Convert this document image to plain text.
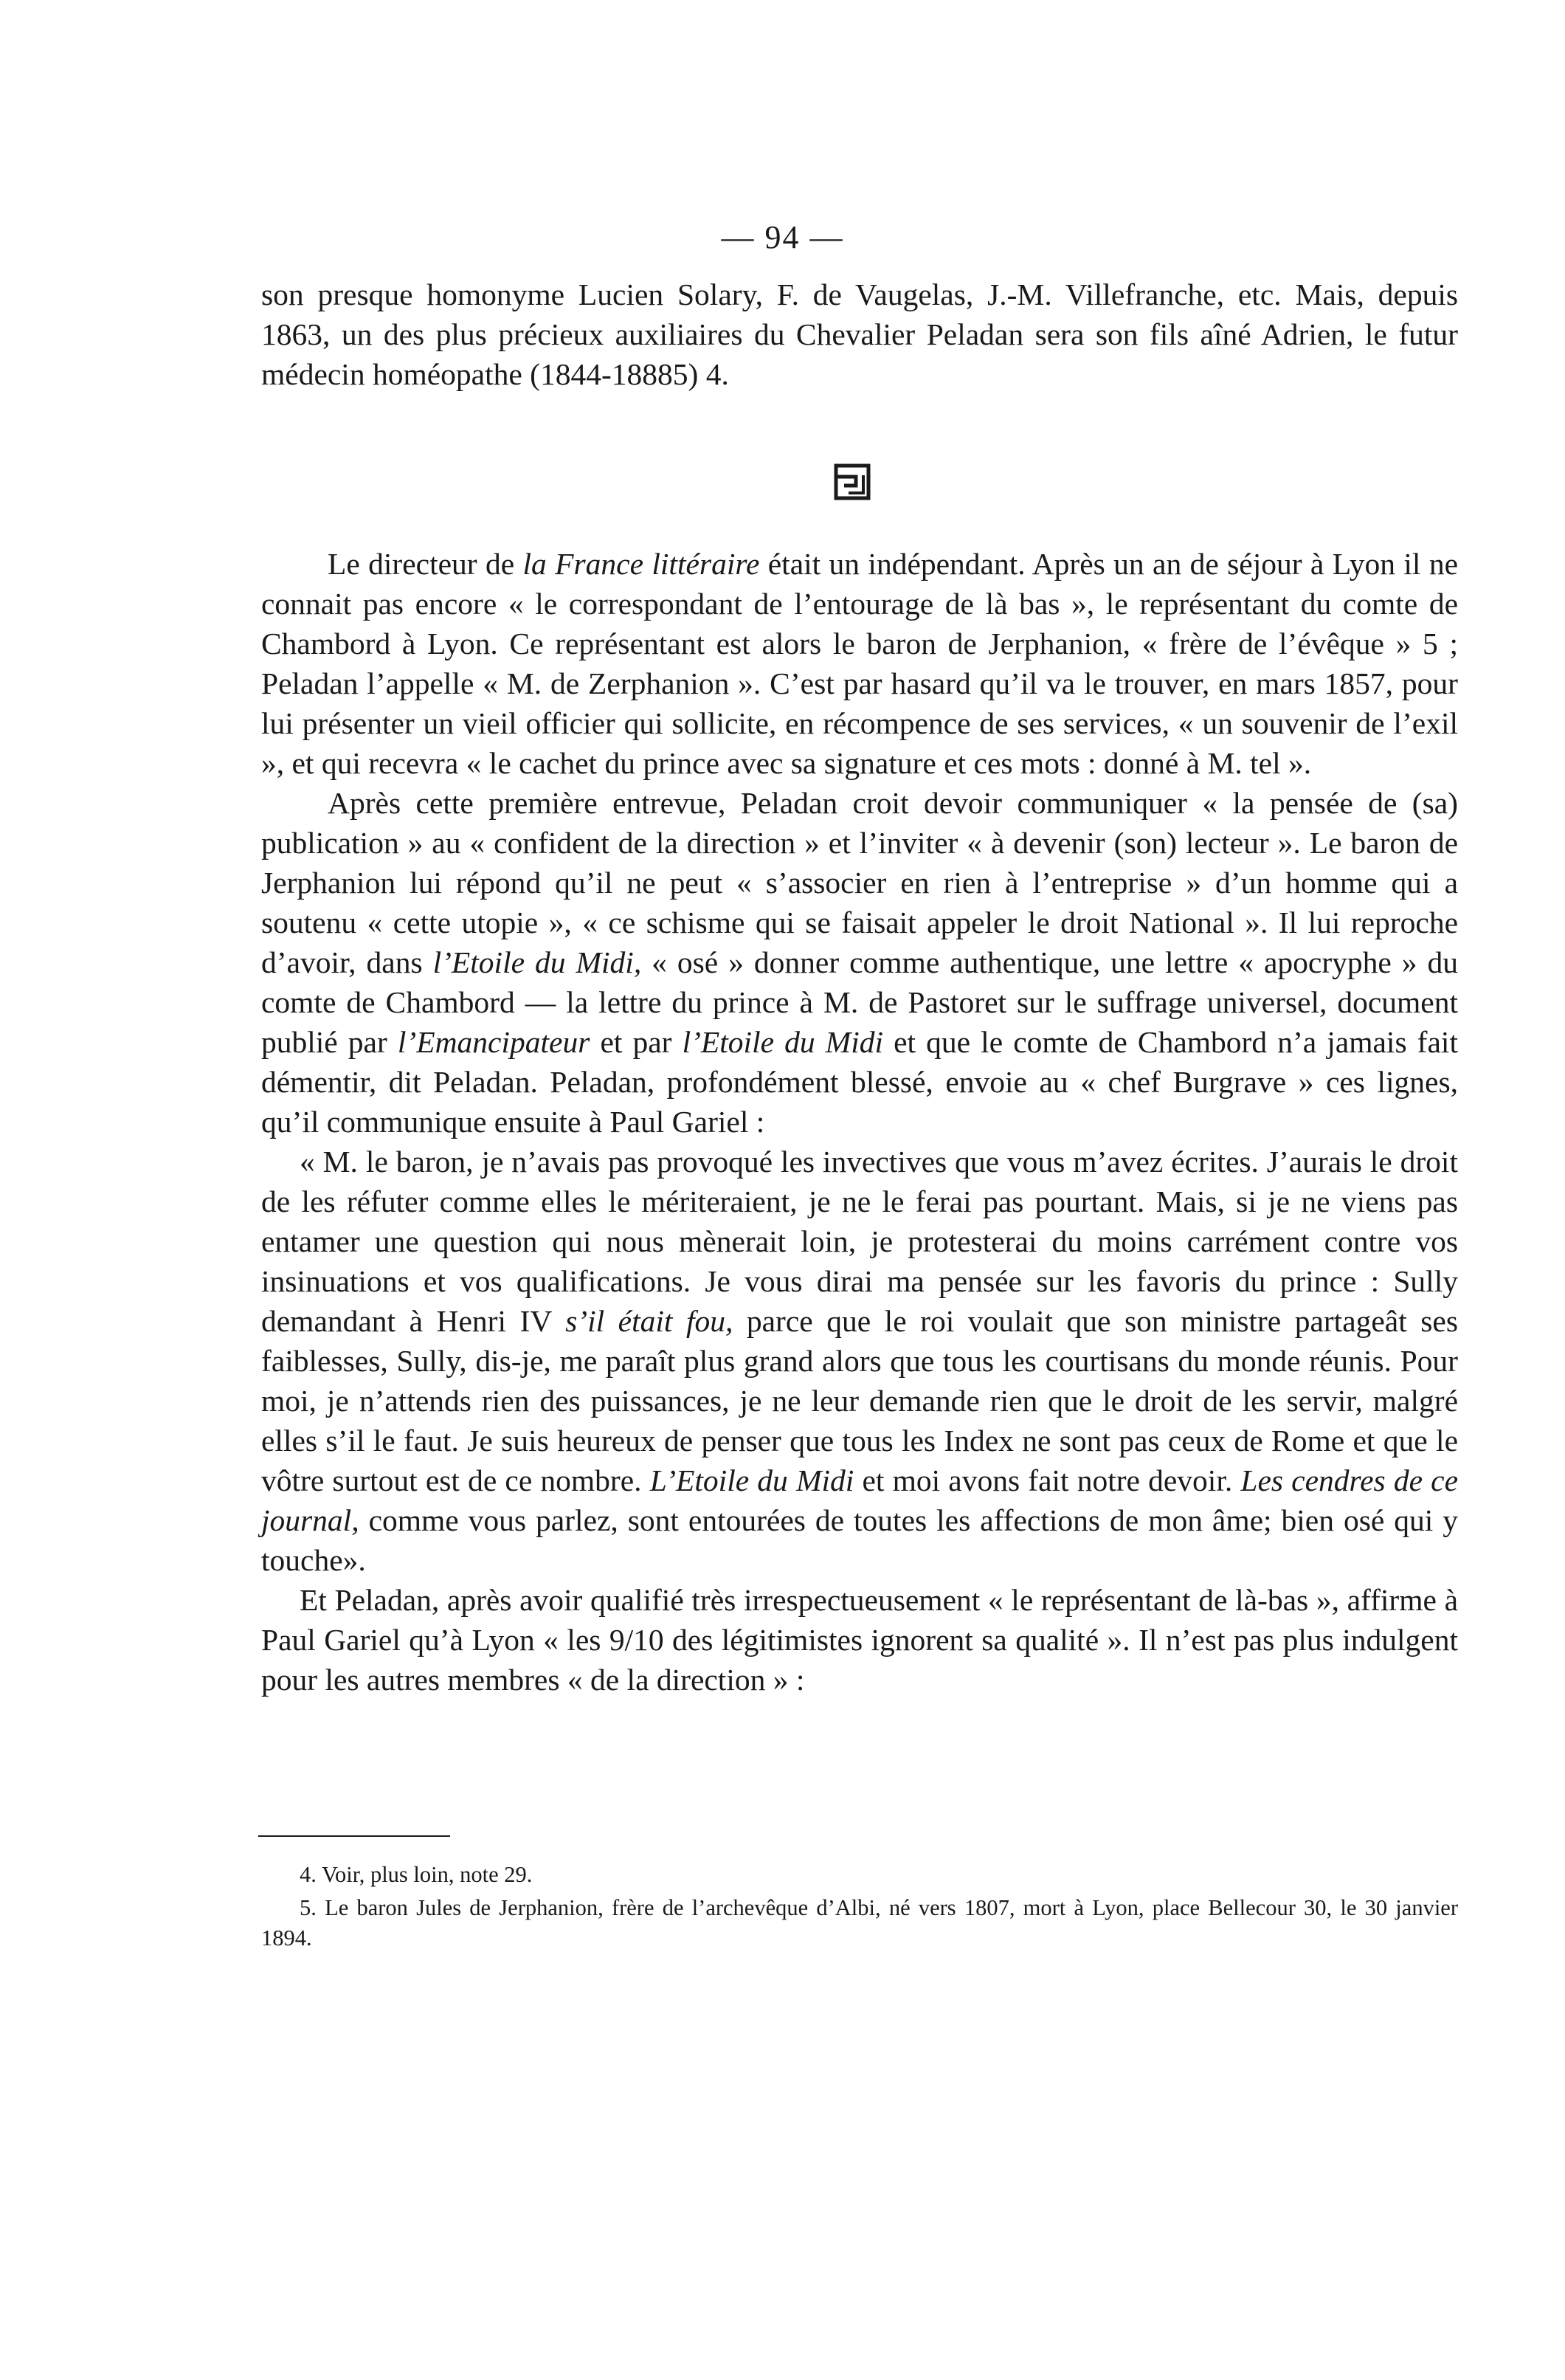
— 94 —

son presque homonyme Lucien Solary, F. de Vaugelas, J.-M. Villefranche, etc. Mais, depuis 1863, un des plus précieux auxiliaires du Chevalier Peladan sera son fils aîné Adrien, le futur médecin homéopathe (1844-18885) 4.

Le directeur de la France littéraire était un indépendant. Après un an de séjour à Lyon il ne connait pas encore « le correspondant de l’entourage de là bas », le représentant du comte de Chambord à Lyon. Ce représentant est alors le baron de Jerphanion, « frère de l’évêque » 5 ; Peladan l’appelle « M. de Zerphanion ». C’est par hasard qu’il va le trouver, en mars 1857, pour lui présenter un vieil officier qui sollicite, en récompence de ses services, « un souvenir de l’exil », et qui recevra « le cachet du prince avec sa signature et ces mots : donné à M. tel ».

Après cette première entrevue, Peladan croit devoir communiquer « la pensée de (sa) publication » au « confident de la direction » et l’inviter « à devenir (son) lecteur ». Le baron de Jerphanion lui répond qu’il ne peut « s’associer en rien à l’entreprise » d’un homme qui a soutenu « cette utopie », « ce schisme qui se faisait appeler le droit National ». Il lui reproche d’avoir, dans l’Etoile du Midi, « osé » donner comme authentique, une lettre « apocryphe » du comte de Chambord — la lettre du prince à M. de Pastoret sur le suffrage universel, document publié par l’Emancipateur et par l’Etoile du Midi et que le comte de Chambord n’a jamais fait démentir, dit Peladan. Peladan, profondément blessé, envoie au « chef Burgrave » ces lignes, qu’il communique ensuite à Paul Gariel :

« M. le baron, je n’avais pas provoqué les invectives que vous m’avez écrites. J’aurais le droit de les réfuter comme elles le mériteraient, je ne le ferai pas pourtant. Mais, si je ne viens pas entamer une question qui nous mènerait loin, je protesterai du moins carrément contre vos insinuations et vos qualifications. Je vous dirai ma pensée sur les favoris du prince : Sully demandant à Henri IV s’il était fou, parce que le roi voulait que son ministre partageât ses faiblesses, Sully, dis-je, me paraît plus grand alors que tous les courtisans du monde réunis. Pour moi, je n’attends rien des puissances, je ne leur demande rien que le droit de les servir, malgré elles s’il le faut. Je suis heureux de penser que tous les Index ne sont pas ceux de Rome et que le vôtre surtout est de ce nombre. L’Etoile du Midi et moi avons fait notre devoir. Les cendres de ce journal, comme vous parlez, sont entourées de toutes les affections de mon âme; bien osé qui y touche».

Et Peladan, après avoir qualifié très irrespectueusement « le représentant de là-bas », affirme à Paul Gariel qu’à Lyon « les 9/10 des légitimistes ignorent sa qualité ». Il n’est pas plus indulgent pour les autres membres « de la direction » :

4. Voir, plus loin, note 29.

5. Le baron Jules de Jerphanion, frère de l’archevêque d’Albi, né vers 1807, mort à Lyon, place Bellecour 30, le 30 janvier 1894.
